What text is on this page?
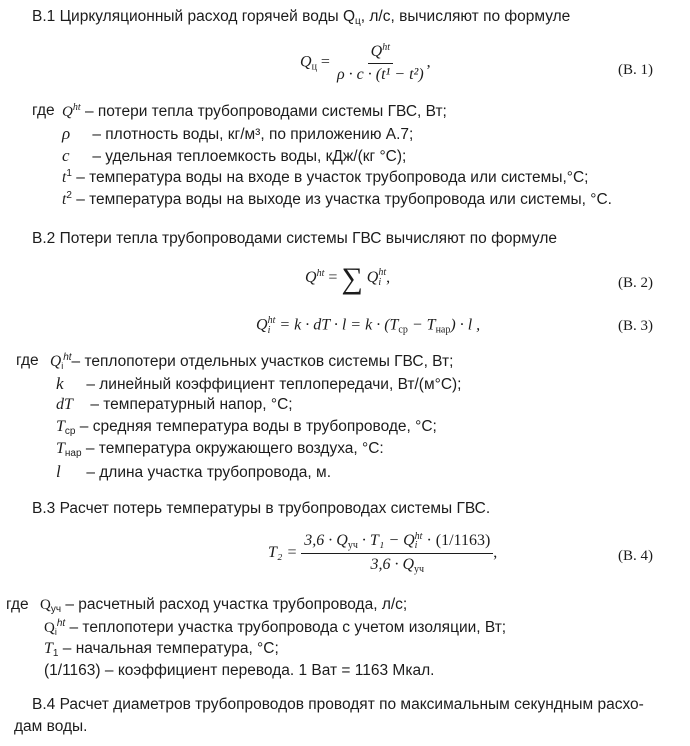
В.1 Циркуляционный расход горячей воды $Q_ц$, л/с, вычисляют по формуле
$Q_ц = \frac{Q^{ht}}{\text{ρ · c · (t¹ − t²)}}$ ,	(В. 1)
где $Q^{ht}$ – потери тепла трубопроводами системы ГВС, Вт;
ρ – плотность воды, кг/м³, по приложению А.7;
c – удельная теплоемкость воды, кДж/(кг °С);
$t^1$ – температура воды на входе в участок трубопровода или системы,°С;
$t^2$ – температура воды на выходе из участка трубопровода или системы, °С.
В.2 Потери тепла трубопроводами системы ГВС вычисляют по формуле
$Q^{ht}$ = ∑ Q ht
i ,	(В. 2)
Q ht
i = k · dT · $l = k \cdot (T_{ср} - T_{нар}) \cdot l$ ,	(В. 3)
где $Q_i^{ht}-$ теплопотери отдельных участков системы ГВС, Вт;
k – линейный коэффициент теплопередачи, Вт/(м°С);
dT – температурный напор, °С;
$T_{ср}$ – средняя температура воды в трубопроводе, °С;
$T_{нар}$ – температура окружающего воздуха, °С:
l – длина участка трубопровода, м.
В.3 Расчет потерь температуры в трубопроводах системы ГВС.
$T_2 = 3,6 \cdot Q_{уч} \cdot T_1 - Q$ ht
i · (1/1163)
$3,6 \cdot Q_{уч}$ ,	(В. 4)
где $Q_{уч}$ – расчетный расход участка трубопровода, л/с;
$Q_i^{ht}$ – теплопотери участка трубопровода с учетом изоляции, Вт;
$T_1$ – начальная температура, °С;
(1/1163) – коэффициент перевода. 1 Ват = 1163 Мкал.
В.4 Расчет диаметров трубопроводов проводят по максимальным секундным расхо-
дам воды.
